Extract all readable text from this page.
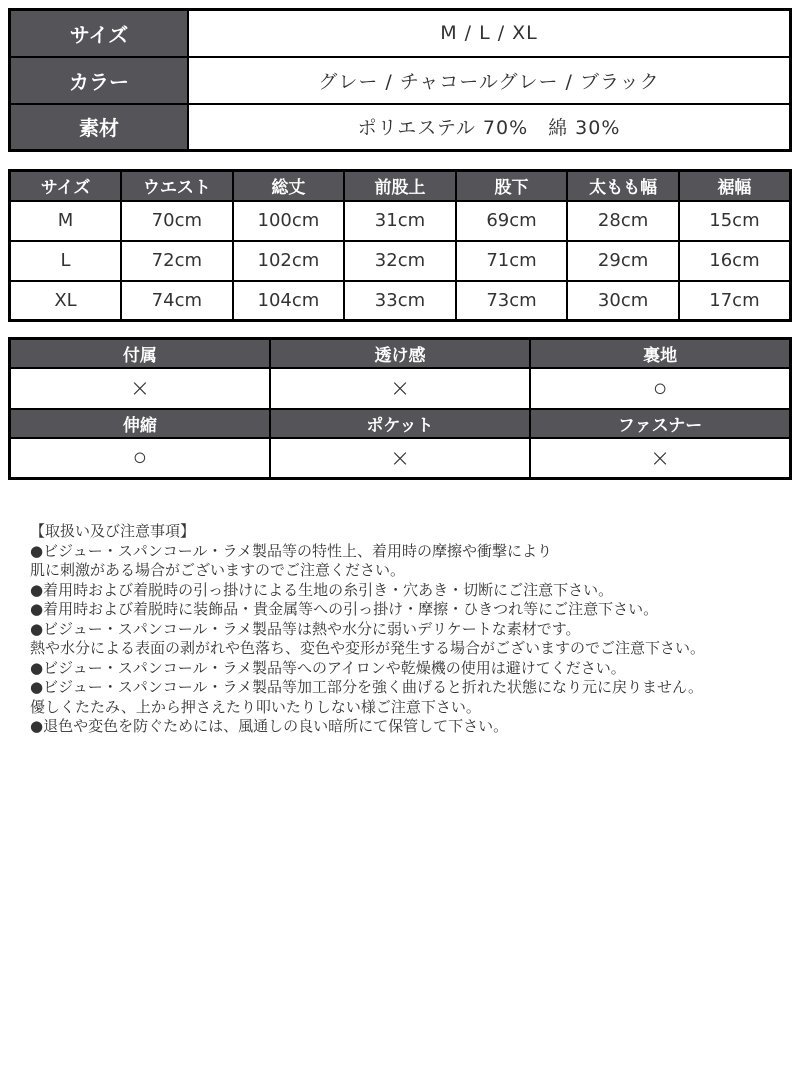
サイズ	M / L / XL
カラー	グレー / チャコールグレー / ブラック
素材	ポリエステル 70%　綿 30%
サイズ	ウエスト	総丈	前股上	股下	太もも幅	裾幅
M	70cm	100cm	31cm	69cm	28cm	15cm
L	72cm	102cm	32cm	71cm	29cm	16cm
XL	74cm	104cm	33cm	73cm	30cm	17cm
付属	透け感	裏地
×	×	○
伸縮	ポケット	ファスナー
○	×	×
【取扱い及び注意事項】
●ビジュー・スパンコール・ラメ製品等の特性上、着用時の摩擦や衝撃により
肌に刺激がある場合がございますのでご注意ください。
●着用時および着脱時の引っ掛けによる生地の糸引き・穴あき・切断にご注意下さい。
●着用時および着脱時に装飾品・貴金属等への引っ掛け・摩擦・ひきつれ等にご注意下さい。
●ビジュー・スパンコール・ラメ製品等は熱や水分に弱いデリケートな素材です。
熱や水分による表面の剥がれや色落ち、変色や変形が発生する場合がございますのでご注意下さい。
●ビジュー・スパンコール・ラメ製品等へのアイロンや乾燥機の使用は避けてください。
●ビジュー・スパンコール・ラメ製品等加工部分を強く曲げると折れた状態になり元に戻りません。
優しくたたみ、上から押さえたり叩いたりしない様ご注意下さい。
●退色や変色を防ぐためには、風通しの良い暗所にて保管して下さい。
